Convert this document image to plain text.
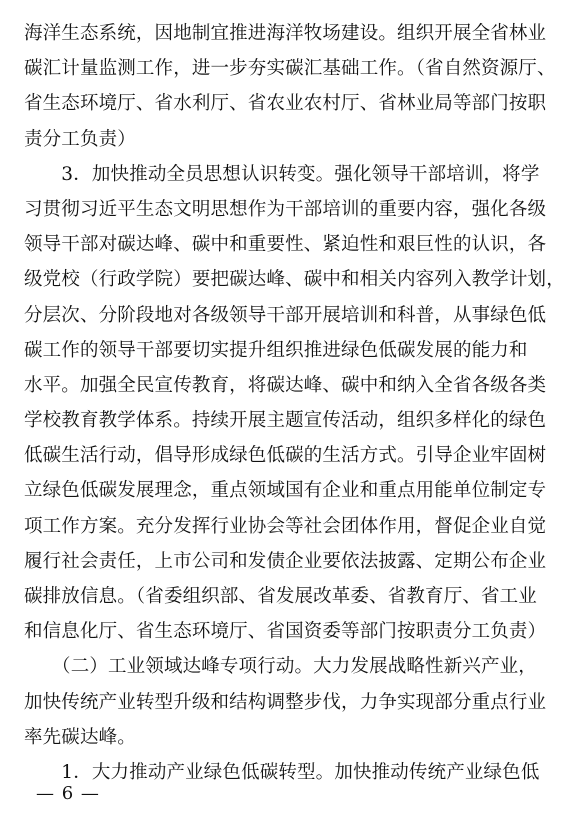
海洋生态系统，因地制宜推进海洋牧场建设。组织开展全省林业
碳汇计量监测工作，进一步夯实碳汇基础工作。（省自然资源厅、
省生态环境厅、省水利厅、省农业农村厅、省林业局等部门按职
责分工负责）
　　3．加快推动全员思想认识转变。强化领导干部培训，将学
习贯彻习近平生态文明思想作为干部培训的重要内容，强化各级
领导干部对碳达峰、碳中和重要性、紧迫性和艰巨性的认识，各
级党校（行政学院）要把碳达峰、碳中和相关内容列入教学计划，
分层次、分阶段地对各级领导干部开展培训和科普，从事绿色低
碳工作的领导干部要切实提升组织推进绿色低碳发展的能力和
水平。加强全民宣传教育，将碳达峰、碳中和纳入全省各级各类
学校教育教学体系。持续开展主题宣传活动，组织多样化的绿色
低碳生活行动，倡导形成绿色低碳的生活方式。引导企业牢固树
立绿色低碳发展理念，重点领域国有企业和重点用能单位制定专
项工作方案。充分发挥行业协会等社会团体作用，督促企业自觉
履行社会责任，上市公司和发债企业要依法披露、定期公布企业
碳排放信息。（省委组织部、省发展改革委、省教育厅、省工业
和信息化厅、省生态环境厅、省国资委等部门按职责分工负责）
　　（二）工业领域达峰专项行动。大力发展战略性新兴产业，
加快传统产业转型升级和结构调整步伐，力争实现部分重点行业
率先碳达峰。
　　1．大力推动产业绿色低碳转型。加快推动传统产业绿色低
— 6 —
